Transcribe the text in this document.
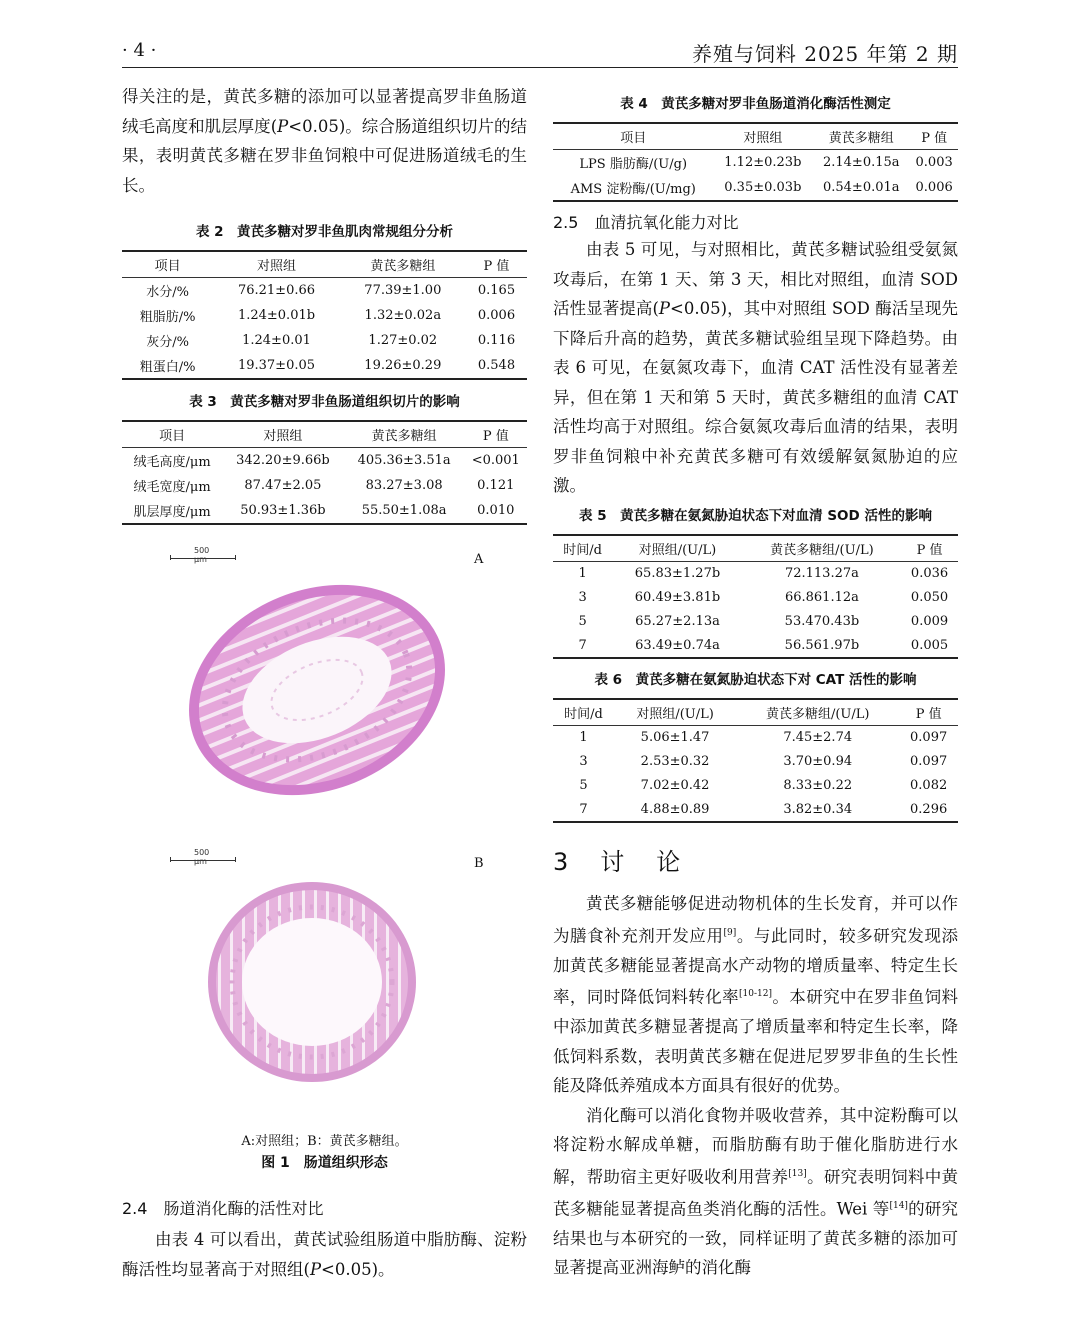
· 4 ·	养殖与饲料 2025 年第 2 期

得关注的是，黄芪多糖的添加可以显著提高罗非鱼肠道绒毛高度和肌层厚度(P<0.05)。综合肠道组织切片的结果，表明黄芪多糖在罗非鱼饲粮中可促进肠道绒毛的生长。

表 2　黄芪多糖对罗非鱼肌肉常规组分分析
项目	对照组	黄芪多糖组	P 值
水分/%	76.21±0.66	77.39±1.00	0.165
粗脂肪/%	1.24±0.01b	1.32±0.02a	0.006
灰分/%	1.24±0.01	1.27±0.02	0.116
粗蛋白/%	19.37±0.05	19.26±0.29	0.548
表 3　黄芪多糖对罗非鱼肠道组织切片的影响
项目	对照组	黄芪多糖组	P 值
绒毛高度/μm	342.20±9.66b	405.36±3.51a	<0.001
绒毛宽度/μm	87.47±2.05	83.27±3.08	0.121
肌层厚度/μm	50.93±1.36b	55.50±1.08a	0.010
500 μm	A
500 μm	B
A:对照组；B：黄芪多糖组。
图 1　肠道组织形态
2.4　肠道消化酶的活性对比

由表 4 可以看出，黄芪试验组肠道中脂肪酶、淀粉酶活性均显著高于对照组(P<0.05)。

表 4　黄芪多糖对罗非鱼肠道消化酶活性测定
项目	对照组	黄芪多糖组	P 值
LPS 脂肪酶/(U/g)	1.12±0.23b	2.14±0.15a	0.003
AMS 淀粉酶/(U/mg)	0.35±0.03b	0.54±0.01a	0.006
2.5　血清抗氧化能力对比

由表 5 可见，与对照相比，黄芪多糖试验组受氨氮攻毒后，在第 1 天、第 3 天，相比对照组，血清 SOD 活性显著提高(P<0.05)，其中对照组 SOD 酶活呈现先下降后升高的趋势，黄芪多糖试验组呈现下降趋势。由表 6 可见，在氨氮攻毒下，血清 CAT 活性没有显著差异，但在第 1 天和第 5 天时，黄芪多糖组的血清 CAT 活性均高于对照组。综合氨氮攻毒后血清的结果，表明罗非鱼饲粮中补充黄芪多糖可有效缓解氨氮胁迫的应激。

表 5　黄芪多糖在氨氮胁迫状态下对血清 SOD 活性的影响
时间/d	对照组/(U/L)	黄芪多糖组/(U/L)	P 值
1	65.83±1.27b	72.113.27a	0.036
3	60.49±3.81b	66.861.12a	0.050
5	65.27±2.13a	53.470.43b	0.009
7	63.49±0.74a	56.561.97b	0.005
表 6　黄芪多糖在氨氮胁迫状态下对 CAT 活性的影响
时间/d	对照组/(U/L)	黄芪多糖组/(U/L)	P 值
1	5.06±1.47	7.45±2.74	0.097
3	2.53±0.32	3.70±0.94	0.097
5	7.02±0.42	8.33±0.22	0.082
7	4.88±0.89	3.82±0.34	0.296
3　讨　论

黄芪多糖能够促进动物机体的生长发育，并可以作为膳食补充剂开发应用[9]。与此同时，较多研究发现添加黄芪多糖能显著提高水产动物的增质量率、特定生长率，同时降低饲料转化率[10-12]。本研究中在罗非鱼饲料中添加黄芪多糖显著提高了增质量率和特定生长率，降低饲料系数，表明黄芪多糖在促进尼罗罗非鱼的生长性能及降低养殖成本方面具有很好的优势。

消化酶可以消化食物并吸收营养，其中淀粉酶可以将淀粉水解成单糖，而脂肪酶有助于催化脂肪进行水解，帮助宿主更好吸收利用营养[13]。研究表明饲料中黄芪多糖能显著提高鱼类消化酶的活性。Wei 等[14]的研究结果也与本研究的一致，同样证明了黄芪多糖的添加可显著提高亚洲海鲈的消化酶
